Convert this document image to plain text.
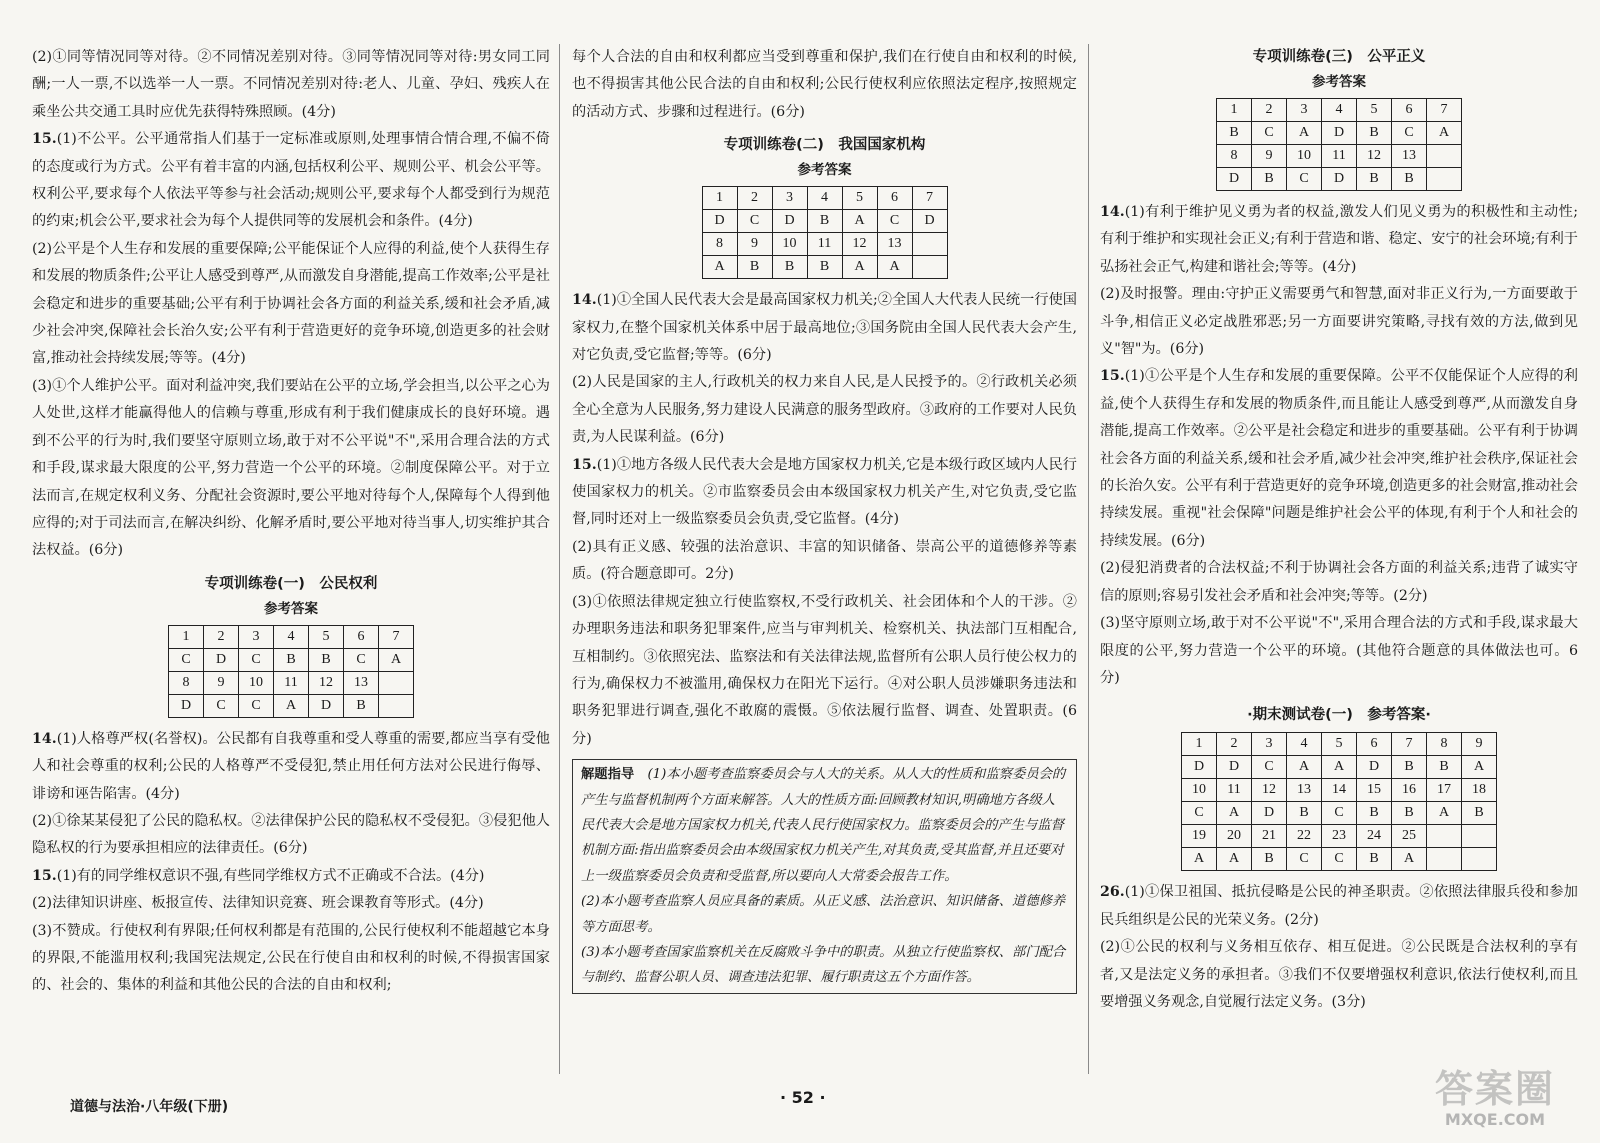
(2)①同等情况同等对待。②不同情况差别对待。③同等情况同等对待:男女同工同酬;一人一票,不以选举一人一票。不同情况差别对待:老人、儿童、孕妇、残疾人在乘坐公共交通工具时应优先获得特殊照顾。(4分)

15.(1)不公平。公平通常指人们基于一定标准或原则,处理事情合情合理,不偏不倚的态度或行为方式。公平有着丰富的内涵,包括权利公平、规则公平、机会公平等。权利公平,要求每个人依法平等参与社会活动;规则公平,要求每个人都受到行为规范的约束;机会公平,要求社会为每个人提供同等的发展机会和条件。(4分)

(2)公平是个人生存和发展的重要保障;公平能保证个人应得的利益,使个人获得生存和发展的物质条件;公平让人感受到尊严,从而激发自身潜能,提高工作效率;公平是社会稳定和进步的重要基础;公平有利于协调社会各方面的利益关系,缓和社会矛盾,减少社会冲突,保障社会长治久安;公平有利于营造更好的竞争环境,创造更多的社会财富,推动社会持续发展;等等。(4分)

(3)①个人维护公平。面对利益冲突,我们要站在公平的立场,学会担当,以公平之心为人处世,这样才能赢得他人的信赖与尊重,形成有利于我们健康成长的良好环境。遇到不公平的行为时,我们要坚守原则立场,敢于对不公平说"不",采用合理合法的方式和手段,谋求最大限度的公平,努力营造一个公平的环境。②制度保障公平。对于立法而言,在规定权利义务、分配社会资源时,要公平地对待每个人,保障每个人得到他应得的;对于司法而言,在解决纠纷、化解矛盾时,要公平地对待当事人,切实维护其合法权益。(6分)

专项训练卷(一)　公民权利
参考答案
1	2	3	4	5	6	7
C	D	C	B	B	C	A
8	9	10	11	12	13	
D	C	C	A	D	B	

14.(1)人格尊严权(名誉权)。公民都有自我尊重和受人尊重的需要,都应当享有受他人和社会尊重的权利;公民的人格尊严不受侵犯,禁止用任何方法对公民进行侮辱、诽谤和诬告陷害。(4分)

(2)①徐某某侵犯了公民的隐私权。②法律保护公民的隐私权不受侵犯。③侵犯他人隐私权的行为要承担相应的法律责任。(6分)

15.(1)有的同学维权意识不强,有些同学维权方式不正确或不合法。(4分)

(2)法律知识讲座、板报宣传、法律知识竞赛、班会课教育等形式。(4分)

(3)不赞成。行使权利有界限;任何权利都是有范围的,公民行使权利不能超越它本身的界限,不能滥用权利;我国宪法规定,公民在行使自由和权利的时候,不得损害国家的、社会的、集体的利益和其他公民的合法的自由和权利;

每个人合法的自由和权利都应当受到尊重和保护,我们在行使自由和权利的时候,也不得损害其他公民合法的自由和权利;公民行使权利应依照法定程序,按照规定的活动方式、步骤和过程进行。(6分)

专项训练卷(二)　我国国家机构
参考答案
1	2	3	4	5	6	7
D	C	D	B	A	C	D
8	9	10	11	12	13	
A	B	B	B	A	A	

14.(1)①全国人民代表大会是最高国家权力机关;②全国人大代表人民统一行使国家权力,在整个国家机关体系中居于最高地位;③国务院由全国人民代表大会产生,对它负责,受它监督;等等。(6分)

(2)人民是国家的主人,行政机关的权力来自人民,是人民授予的。②行政机关必须全心全意为人民服务,努力建设人民满意的服务型政府。③政府的工作要对人民负责,为人民谋利益。(6分)

15.(1)①地方各级人民代表大会是地方国家权力机关,它是本级行政区域内人民行使国家权力的机关。②市监察委员会由本级国家权力机关产生,对它负责,受它监督,同时还对上一级监察委员会负责,受它监督。(4分)

(2)具有正义感、较强的法治意识、丰富的知识储备、崇高公平的道德修养等素质。(符合题意即可。2分)

(3)①依照法律规定独立行使监察权,不受行政机关、社会团体和个人的干涉。②办理职务违法和职务犯罪案件,应当与审判机关、检察机关、执法部门互相配合,互相制约。③依照宪法、监察法和有关法律法规,监督所有公职人员行使公权力的行为,确保权力不被滥用,确保权力在阳光下运行。④对公职人员涉嫌职务违法和职务犯罪进行调查,强化不敢腐的震慑。⑤依法履行监督、调查、处置职责。(6分)

解题指导　 (1)本小题考查监察委员会与人大的关系。从人大的性质和监察委员会的产生与监督机制两个方面来解答。人大的性质方面:回顾教材知识,明确地方各级人民代表大会是地方国家权力机关,代表人民行使国家权力。监察委员会的产生与监督机制方面:指出监察委员会由本级国家权力机关产生,对其负责,受其监督,并且还要对上一级监察委员会负责和受监督,所以要向人大常委会报告工作。
(2)本小题考查监察人员应具备的素质。从正义感、法治意识、知识储备、道德修养等方面思考。
(3)本小题考查国家监察机关在反腐败斗争中的职责。从独立行使监察权、部门配合与制约、监督公职人员、调查违法犯罪、履行职责这五个方面作答。
专项训练卷(三)　公平正义
参考答案
1	2	3	4	5	6	7
B	C	A	D	B	C	A
8	9	10	11	12	13	
D	B	C	D	B	B	

14.(1)有利于维护见义勇为者的权益,激发人们见义勇为的积极性和主动性;有利于维护和实现社会正义;有利于营造和谐、稳定、安宁的社会环境;有利于弘扬社会正气,构建和谐社会;等等。(4分)

(2)及时报警。理由:守护正义需要勇气和智慧,面对非正义行为,一方面要敢于斗争,相信正义必定战胜邪恶;另一方面要讲究策略,寻找有效的方法,做到见义"智"为。(6分)

15.(1)①公平是个人生存和发展的重要保障。公平不仅能保证个人应得的利益,使个人获得生存和发展的物质条件,而且能让人感受到尊严,从而激发自身潜能,提高工作效率。②公平是社会稳定和进步的重要基础。公平有利于协调社会各方面的利益关系,缓和社会矛盾,减少社会冲突,维护社会秩序,保证社会的长治久安。公平有利于营造更好的竞争环境,创造更多的社会财富,推动社会持续发展。重视"社会保障"问题是维护社会公平的体现,有利于个人和社会的持续发展。(6分)

(2)侵犯消费者的合法权益;不利于协调社会各方面的利益关系;违背了诚实守信的原则;容易引发社会矛盾和社会冲突;等等。(2分)

(3)坚守原则立场,敢于对不公平说"不",采用合理合法的方式和手段,谋求最大限度的公平,努力营造一个公平的环境。(其他符合题意的具体做法也可。6分)

·期末测试卷(一)　参考答案·
1	2	3	4	5	6	7	8	9
D	D	C	A	A	D	B	B	A
10	11	12	13	14	15	16	17	18
C	A	D	B	C	B	B	A	B
19	20	21	22	23	24	25		
A	A	B	C	C	B	A		

26.(1)①保卫祖国、抵抗侵略是公民的神圣职责。②依照法律服兵役和参加民兵组织是公民的光荣义务。(2分)

(2)①公民的权利与义务相互依存、相互促进。②公民既是合法权利的享有者,又是法定义务的承担者。③我们不仅要增强权利意识,依法行使权利,而且要增强义务观念,自觉履行法定义务。(3分)

道德与法治·八年级(下册)	· 52 ·	答案圈
MXQE.COM
